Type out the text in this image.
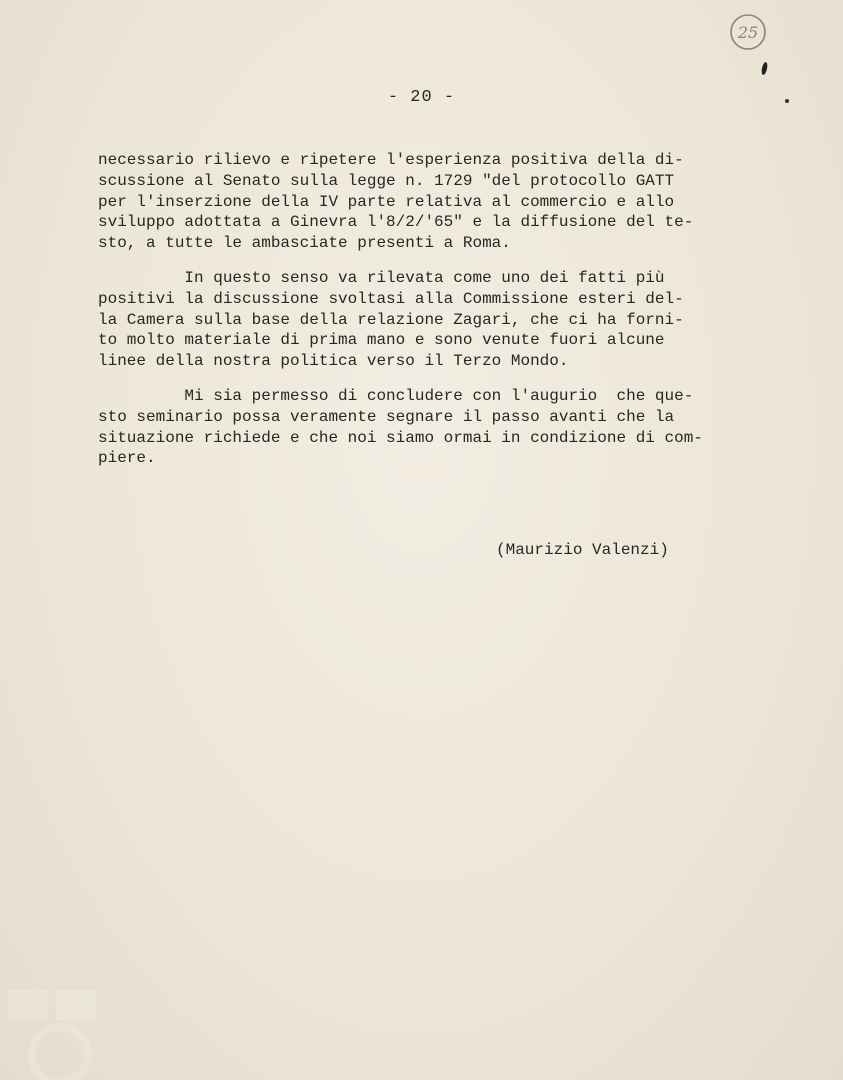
25
- 20 -
necessario rilievo e ripetere l'esperienza positiva della di-
scussione al Senato sulla legge n. 1729 "del protocollo GATT
per l'inserzione della IV parte relativa al commercio e allo
sviluppo adottata a Ginevra l'8/2/'65" e la diffusione del te-
sto, a tutte le ambasciate presenti a Roma.
In questo senso va rilevata come uno dei fatti più
positivi la discussione svoltasi alla Commissione esteri del-
la Camera sulla base della relazione Zagari, che ci ha forni-
to molto materiale di prima mano e sono venute fuori alcune
linee della nostra politica verso il Terzo Mondo.
Mi sia permesso di concludere con l'augurio  che que-
sto seminario possa veramente segnare il passo avanti che la
situazione richiede e che noi siamo ormai in condizione di com-
piere.
(Maurizio Valenzi)
